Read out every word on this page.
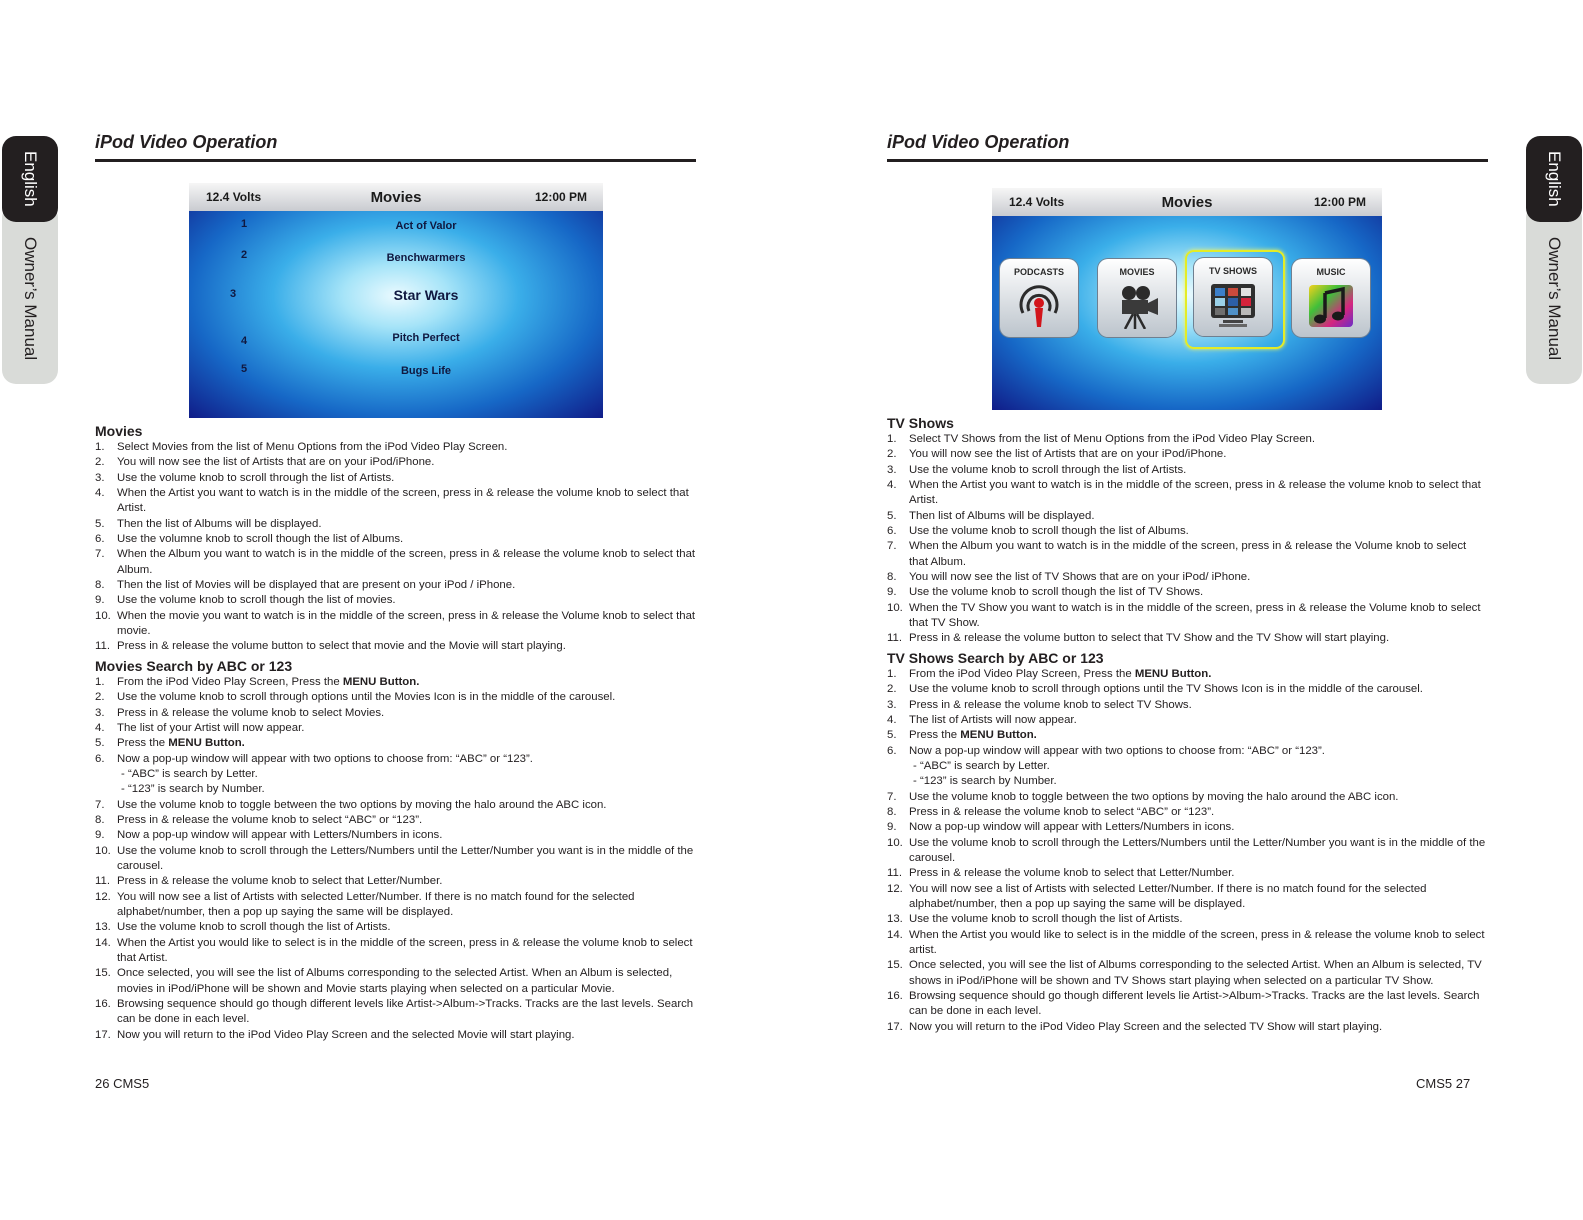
English
Owner’s Manual
English
Owner’s Manual
iPod Video Operation
12.4 Volts	Movies	12:00 PM
1	Act of Valor
2	Benchwarmers
3	Star Wars
4	Pitch Perfect
5	Bugs Life
Movies
1. Select Movies from the list of Menu Options from the iPod Video Play Screen.
2. You will now see the list of Artists that are on your iPod/iPhone.
3. Use the volume knob to scroll through the list of Artists.
4. When the Artist you want to watch is in the middle of the screen, press in & release the volume knob to select that Artist.
5. Then the list of Albums will be displayed.
6. Use the volumne knob to scroll though the list of Albums.
7. When the Album you want to watch is in the middle of the screen, press in & release the volume knob to select that Album.
8. Then the list of Movies will be displayed that are present on your iPod / iPhone.
9. Use the volume knob to scroll though the list of movies.
10. When the movie you want to watch is in the middle of the screen, press in & release the Volume knob to select that movie.
11. Press in & release the volume button to select that movie and the Movie will start playing.
Movies Search by ABC or 123
1. From the iPod Video Play Screen, Press the MENU Button.
2. Use the volume knob to scroll through options until the Movies Icon is in the middle of the carousel.
3. Press in & release the volume knob to select Movies.
4. The list of your Artist will now appear.
5. Press the MENU Button.
6. Now a pop-up window will appear with two options to choose from: “ABC” or “123”.
- “ABC” is search by Letter.
- “123” is search by Number.
7. Use the volume knob to toggle between the two options by moving the halo around the ABC icon.
8. Press in & release the volume knob to select “ABC” or “123”.
9. Now a pop-up window will appear with Letters/Numbers in icons.
10. Use the volume knob to scroll through the Letters/Numbers until the Letter/Number you want is in the middle of the carousel.
11. Press in & release the volume knob to select that Letter/Number.
12. You will now see a list of Artists with selected Letter/Number. If there is no match found for the selected alphabet/number, then a pop up saying the same will be displayed.
13. Use the volume knob to scroll though the list of Artists.
14. When the Artist you would like to select is in the middle of the screen, press in & release the volume knob to select that Artist.
15. Once selected, you will see the list of Albums corresponding to the selected Artist. When an Album is selected, movies in iPod/iPhone will be shown and Movie starts playing when selected on a particular Movie.
16. Browsing sequence should go though different levels like Artist->Album->Tracks. Tracks are the last levels. Search can be done in each level.
17. Now you will return to the iPod Video Play Screen and the selected Movie will start playing.
26 CMS5
iPod Video Operation
12.4 Volts	Movies	12:00 PM
PODCASTS	MOVIES	TV SHOWS	MUSIC
TV Shows
1. Select TV Shows from the list of Menu Options from the iPod Video Play Screen.
2. You will now see the list of Artists that are on your iPod/iPhone.
3. Use the volume knob to scroll through the list of Artists.
4. When the Artist you want to watch is in the middle of the screen, press in & release the volume knob to select that Artist.
5. Then list of Albums will be displayed.
6. Use the volume knob to scroll though the list of Albums.
7. When the Album you want to watch is in the middle of the screen, press in & release the Volume knob to select that Album.
8. You will now see the list of TV Shows that are on your iPod/ iPhone.
9. Use the volume knob to scroll though the list of TV Shows.
10. When the TV Show you want to watch is in the middle of the screen, press in & release the Volume knob to select that TV Show.
11. Press in & release the volume button to select that TV Show and the TV Show will start playing.
TV Shows Search by ABC or 123
1. From the iPod Video Play Screen, Press the MENU Button.
2. Use the volume knob to scroll through options until the TV Shows Icon is in the middle of the carousel.
3. Press in & release the volume knob to select TV Shows.
4. The list of Artists will now appear.
5. Press the MENU Button.
6. Now a pop-up window will appear with two options to choose from: “ABC” or “123”.
- “ABC” is search by Letter.
- “123” is search by Number.
7. Use the volume knob to toggle between the two options by moving the halo around the ABC icon.
8. Press in & release the volume knob to select “ABC” or “123”.
9. Now a pop-up window will appear with Letters/Numbers in icons.
10. Use the volume knob to scroll through the Letters/Numbers until the Letter/Number you want is in the middle of the carousel.
11. Press in & release the volume knob to select that Letter/Number.
12. You will now see a list of Artists with selected Letter/Number. If there is no match found for the selected alphabet/number, then a pop up saying the same will be displayed.
13. Use the volume knob to scroll though the list of Artists.
14. When the Artist you would like to select is in the middle of the screen, press in & release the volume knob to select artist.
15. Once selected, you will see the list of Albums corresponding to the selected Artist. When an Album is selected, TV shows in iPod/iPhone will be shown and TV Shows start playing when selected on a particular TV Show.
16. Browsing sequence should go though different levels lie Artist->Album->Tracks. Tracks are the last levels. Search can be done in each level.
17. Now you will return to the iPod Video Play Screen and the selected TV Show will start playing.
CMS5 27
